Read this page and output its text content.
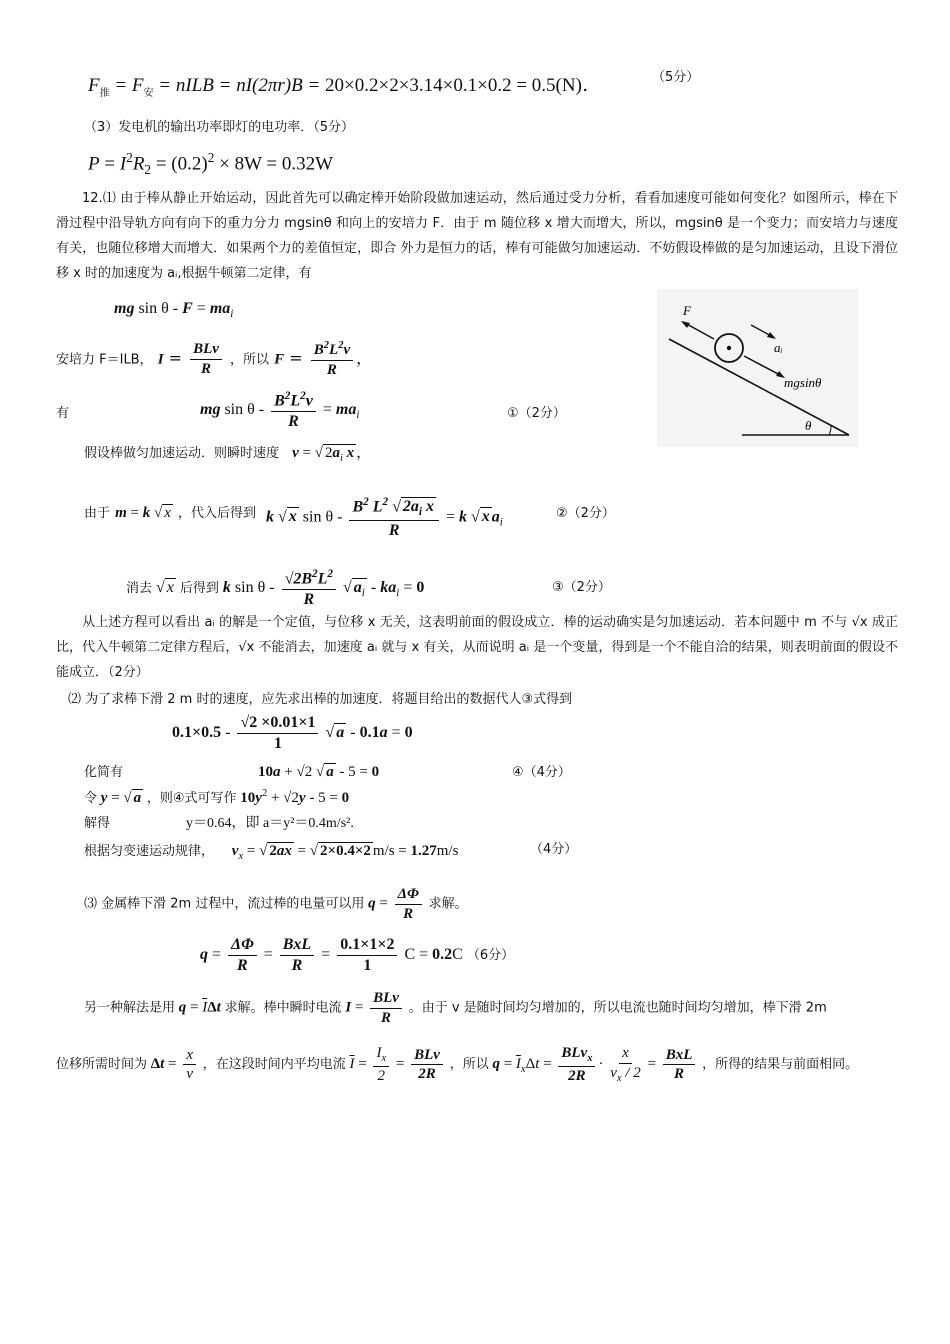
$F_推 = F_安$ = nILB = nI(2πr)B = 20×0.2×2×3.14×0.1×0.2 = 0.5(N)．	（5分）
（3）发电机的输出功率即灯的电功率．（5分）
$P = I^2R_2 = (0.2)^2 \times 8W = 0.32W$
12.⑴ 由于棒从静止开始运动，因此首先可以确定棒开始阶段做加速运动，然后通过受力分析，看看加速度可能如何变化？如图所示，棒在下滑过程中沿导轨方向有向下的重力分力 mgsinθ 和向上的安培力 F．由于 m 随位移 x 增大而增大，所以，mgsinθ 是一个变力；而安培力与速度有关，也随位移增大而增大．如果两个力的差值恒定，即合 外力是恒力的话，棒有可能做匀加速运动．不妨假设棒做的是匀加速运动，且设下滑位移 x 时的加速度为 aᵢ,根据牛顿第二定律，有
mg $\sin \theta - F = ma_i$	F
aᵢ
mgsinθ
θ
安培力 F＝ILB， $I = \frac{\text{BLv}}{R}$ ，所以 $F = \frac{B^2L^2v}{R}$ ，
有	mg $\sin \theta - \frac{B^2L^2v}{R} = ma_i$	①（2分）
假设棒做匀加速运动．则瞬时速度 v = √ $2a_i$ x ，
由于 m = k √ x ，代入后得到 k √ x $\sin \theta - \frac{B^2 L^2 √ 2a_i x}{R} = k$ √ x $a_i$
②（2分）
消去 √ x 后得到 k sin θ - $\frac{√2B^2L^2}{R}$ √ $a_i - ka_i = 0$	③（2分）
从上述方程可以看出 aᵢ 的解是一个定值，与位移 x 无关，这表明前面的假设成立．棒的运动确实是匀加速运动．若本问题中 m 不与 √x 成正比，代入牛顿第二定律方程后，√x 不能消去，加速度 aᵢ 就与 x 有关，从而说明 aᵢ 是一个变量，得到是一个不能自洽的结果，则表明前面的假设不能成立．（2分）
⑵ 为了求棒下滑 2 m 时的速度，应先求出棒的加速度．将题目给出的数据代人③式得到
$0.1\times 0.5 - \frac{√2 \times 0.01\times 1}{1}$ √ a - 0.1a = 0
化简有	10a + √2 √ a - 5 = 0	④（4分）
令 y = √ a ，则④式可写作 $10y^2 + √2y - 5 = 0$
解得	y＝0.64，即 a＝y²＝0.4m/s².
根据匀变速运动规律， $v_x$ = √ 2ax = √ 2×0.4×2 m/s = 1.27m/s	（4分）
⑶ 金属棒下滑 2m 过程中，流过棒的电量可以用 $q = \frac{\Delta\Phi}{R}$ 求解。
$q = \frac{\Delta\Phi}{R} = \frac{\text{BxL}}{R} = \frac{0.1\times 1\times 2}{1}$ C = 0.2C （6分）
另一种解法是用 $q = \overline{I}\Delta t$ 求解。棒中瞬时电流 $I = \frac{\text{BLv}}{R}$ 。由于 v 是随时间均匀增加的，所以电流也随时间均匀增加，棒下滑 2m
位移所需时间为 $\Delta t = \frac{x}{v}$ ，在这段时间内平均电流 $\overline{I} = \frac{I_x}{2} = \frac{\text{BLv}}{2R}$ ，所以 $q = \overline{I}_x\Delta t = \frac{BLv_x}{2R} \cdot \frac{x}{v_x / 2} = \frac{\text{BxL}}{R}$ ，所得的结果与前面相同。
